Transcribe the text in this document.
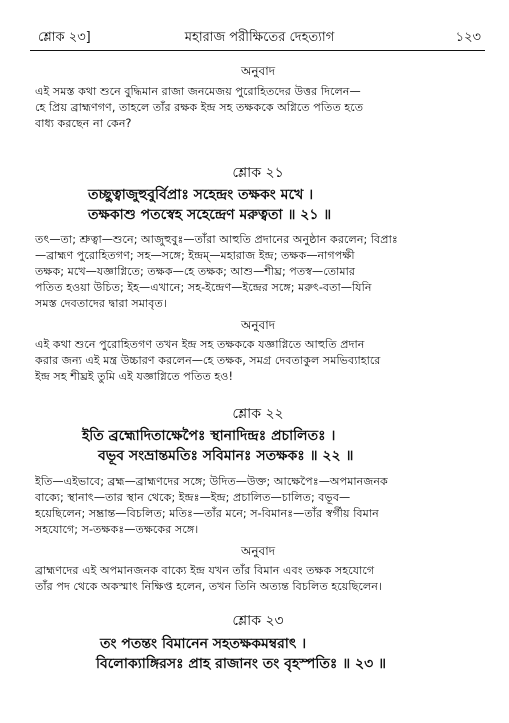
শ্লোক ২৩]	মহারাজ পরীক্ষিতের দেহত্যাগ	১২৩
অনুবাদ
এই সমস্ত কথা শুনে বুদ্ধিমান রাজা জনমেজয় পুরোহিতদের উত্তর দিলেন—
হে প্রিয় ব্রাহ্মণগণ, তাহলে তাঁর রক্ষক ইন্দ্র সহ তক্ষককে অগ্নিতে পতিত হতে
বাধ্য করছেন না কেন?
শ্লোক ২১
তচ্ছুত্বাজুহুবুর্বিপ্রাঃ সহেন্দ্রং তক্ষকং মখে ।
তক্ষকাশু পতস্বেহ সহেন্দ্রেণ মরুত্বতা ॥ ২১ ॥
তৎ—তা; শ্রুত্বা—শুনে; আজুহুবুঃ—তাঁরা আহুতি প্রদানের অনুষ্ঠান করলেন; বিপ্রাঃ
—ব্রাহ্মণ পুরোহিতগণ; সহ—সঙ্গে; ইন্দ্রম্—মহারাজ ইন্দ্র; তক্ষক—নাগপক্ষী
তক্ষক; মখে—যজ্ঞাগ্নিতে; তক্ষক—হে তক্ষক; আশু—শীঘ্র; পতস্ব—তোমার
পতিত হওয়া উচিত; ইহ—এখানে; সহ-ইন্দ্রেণ—ইন্দ্রের সঙ্গে; মরুৎ-বতা—যিনি
সমস্ত দেবতাদের দ্বারা সমাবৃত।
অনুবাদ
এই কথা শুনে পুরোহিতগণ তখন ইন্দ্র সহ তক্ষককে যজ্ঞাগ্নিতে আহুতি প্রদান
করার জন্য এই মন্ত্র উচ্চারণ করলেন—হে তক্ষক, সমগ্র দেবতাকুল সমভিব্যাহারে
ইন্দ্র সহ শীঘ্রই তুমি এই যজ্ঞাগ্নিতে পতিত হও!
শ্লোক ২২
ইতি ব্রহ্মোদিতাক্ষেপৈঃ স্থানাদিন্দ্রঃ প্রচালিতঃ ।
বভূব সংভ্রান্তমতিঃ সবিমানঃ সতক্ষকঃ ॥ ২২ ॥
ইতি—এইভাবে; ব্রহ্ম—ব্রাহ্মণদের সঙ্গে; উদিত—উক্ত; আক্ষেপৈঃ—অপমানজনক
বাক্যে; স্থানাৎ—তার স্থান থেকে; ইন্দ্রঃ—ইন্দ্র; প্রচালিত—চালিত; বভূব—
হয়েছিলেন; সম্ভ্রান্ত—বিচলিত; মতিঃ—তাঁর মনে; স-বিমানঃ—তাঁর স্বর্গীয় বিমান
সহযোগে; স-তক্ষকঃ—তক্ষকের সঙ্গে।
অনুবাদ
ব্রাহ্মণদের এই অপমানজনক বাক্যে ইন্দ্র যখন তাঁর বিমান এবং তক্ষক সহযোগে
তাঁর পদ থেকে অকস্মাৎ নিক্ষিপ্ত হলেন, তখন তিনি অত্যন্ত বিচলিত হয়েছিলেন।
শ্লোক ২৩
তং পতন্তং বিমানেন সহতক্ষকমম্বরাৎ ।
বিলোক্যাঙ্গিরসঃ প্রাহ রাজানং তং বৃহস্পতিঃ ॥ ২৩ ॥
